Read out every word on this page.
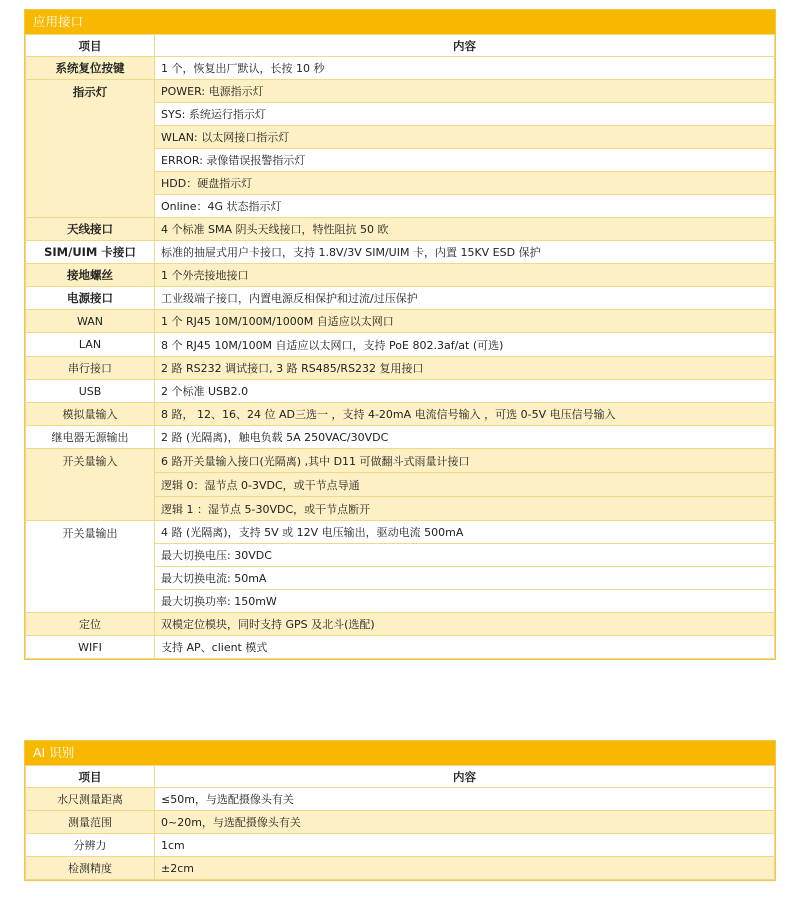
应用接口
项目	内容
系统复位按键	1 个，恢复出厂默认，长按 10 秒
指示灯	POWER: 电源指示灯
	SYS: 系统运行指示灯
	WLAN: 以太网接口指示灯
	ERROR: 录像错误报警指示灯
	HDD：硬盘指示灯
	Online：4G 状态指示灯
天线接口	4 个标准 SMA 阴头天线接口，特性阻抗 50 欧
SIM/UIM 卡接口	标准的抽屉式用户卡接口，支持 1.8V/3V SIM/UIM 卡，内置 15KV ESD 保护
接地螺丝	1 个外壳接地接口
电源接口	工业级端子接口，内置电源反相保护和过流/过压保护
WAN	1 个 RJ45 10M/100M/1000M 自适应以太网口
LAN	8 个 RJ45 10M/100M 自适应以太网口，支持 PoE 802.3af/at (可选)
串行接口	2 路 RS232 调试接口, 3 路 RS485/RS232 复用接口
USB	2 个标准 USB2.0
模拟量输入	8 路， 12、16、24 位 AD三选一 ，支持 4-20mA 电流信号输入 ，可选 0-5V 电压信号输入
继电器无源输出	2 路 (光隔离)，触电负载 5A 250VAC/30VDC
开关量输入	6 路开关量输入接口(光隔离) ,其中 D11 可做翻斗式雨量计接口
	逻辑 0：湿节点 0-3VDC，或干节点导通
	逻辑 1 ：湿节点 5-30VDC，或干节点断开
开关量输出	4 路 (光隔离)，支持 5V 或 12V 电压输出，驱动电流 500mA
	最大切换电压: 30VDC
	最大切换电流: 50mA
	最大切换功率: 150mW
定位	双模定位模块，同时支持 GPS 及北斗(选配)
WIFI	支持 AP、client 模式
AI 识别
项目	内容
水尺测量距离	≤50m，与选配摄像头有关
测量范围	0~20m，与选配摄像头有关
分辨力	1cm
检测精度	±2cm
